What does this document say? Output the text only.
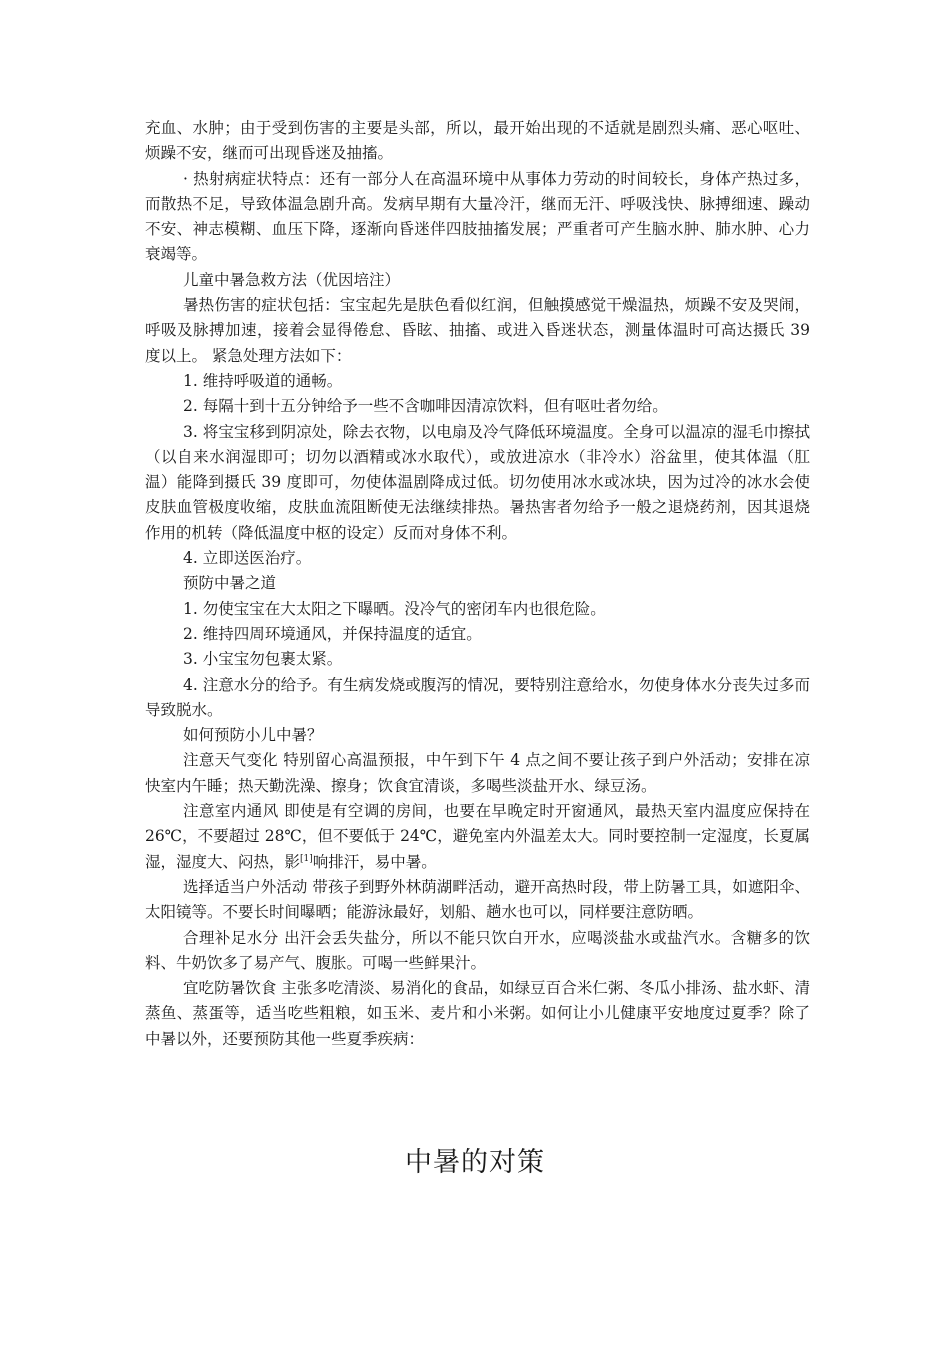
充血、水肿；由于受到伤害的主要是头部，所以，最开始出现的不适就是剧烈头痛、恶心呕吐、烦躁不安，继而可出现昏迷及抽搐。

· 热射病症状特点：还有一部分人在高温环境中从事体力劳动的时间较长，身体产热过多，而散热不足，导致体温急剧升高。发病早期有大量冷汗，继而无汗、呼吸浅快、脉搏细速、躁动不安、神志模糊、血压下降，逐渐向昏迷伴四肢抽搐发展；严重者可产生脑水肿、肺水肿、心力衰竭等。

儿童中暑急救方法（优因培注）

暑热伤害的症状包括：宝宝起先是肤色看似红润，但触摸感觉干燥温热，烦躁不安及哭闹，呼吸及脉搏加速，接着会显得倦怠、昏眩、抽搐、或进入昏迷状态，测量体温时可高达摄氏 39 度以上。 紧急处理方法如下：

1. 维持呼吸道的通畅。

2. 每隔十到十五分钟给予一些不含咖啡因清凉饮料，但有呕吐者勿给。

3. 将宝宝移到阴凉处，除去衣物，以电扇及冷气降低环境温度。全身可以温凉的湿毛巾擦拭（以自来水润湿即可；切勿以酒精或冰水取代），或放进凉水（非冷水）浴盆里，使其体温（肛温）能降到摄氏 39 度即可，勿使体温剧降成过低。切勿使用冰水或冰块，因为过冷的冰水会使皮肤血管极度收缩，皮肤血流阻断使无法继续排热。暑热害者勿给予一般之退烧药剂，因其退烧作用的机转（降低温度中枢的设定）反而对身体不利。

4. 立即送医治疗。

预防中暑之道

1. 勿使宝宝在大太阳之下曝晒。没冷气的密闭车内也很危险。

2. 维持四周环境通风，并保持温度的适宜。

3. 小宝宝勿包裹太紧。

4. 注意水分的给予。有生病发烧或腹泻的情况，要特别注意给水，勿使身体水分丧失过多而导致脱水。

如何预防小儿中暑？

注意天气变化 特别留心高温预报，中午到下午 4 点之间不要让孩子到户外活动；安排在凉快室内午睡；热天勤洗澡、擦身；饮食宜清谈，多喝些淡盐开水、绿豆汤。

注意室内通风 即使是有空调的房间，也要在早晚定时开窗通风，最热天室内温度应保持在 26℃，不要超过 28℃，但不要低于 24℃，避免室内外温差太大。同时要控制一定湿度，长夏属湿，湿度大、闷热，影[1]响排汗，易中暑。

选择适当户外活动 带孩子到野外林荫湖畔活动，避开高热时段，带上防暑工具，如遮阳伞、太阳镜等。不要长时间曝晒；能游泳最好，划船、趟水也可以，同样要注意防晒。

合理补足水分 出汗会丢失盐分，所以不能只饮白开水，应喝淡盐水或盐汽水。含糖多的饮料、牛奶饮多了易产气、腹胀。可喝一些鲜果汁。

宜吃防暑饮食 主张多吃清淡、易消化的食品，如绿豆百合米仁粥、冬瓜小排汤、盐水虾、清蒸鱼、蒸蛋等，适当吃些粗粮，如玉米、麦片和小米粥。如何让小儿健康平安地度过夏季？除了中暑以外，还要预防其他一些夏季疾病：

中暑的对策
